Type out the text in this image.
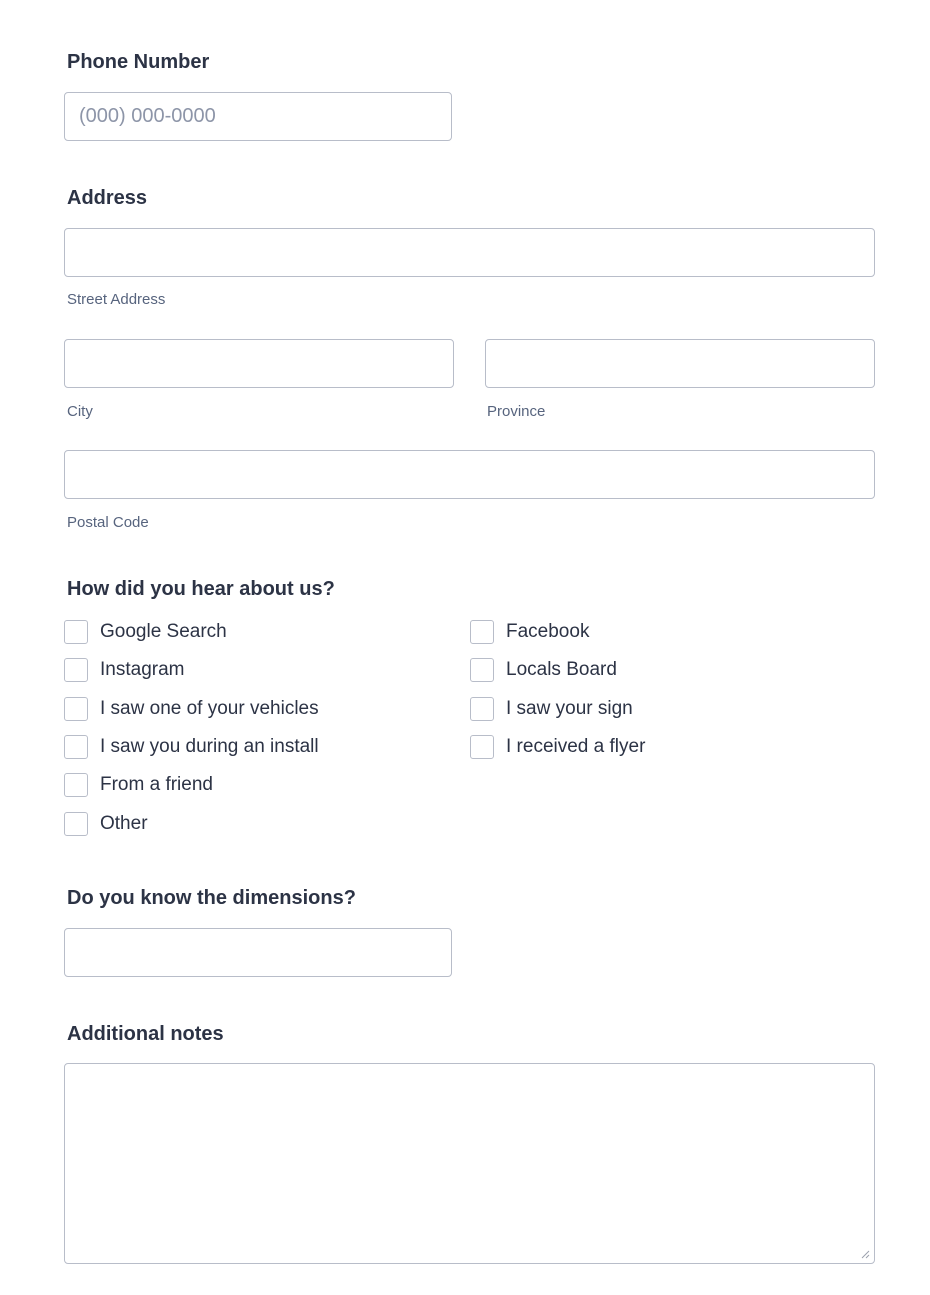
Phone Number
(000) 000-0000
Address
Street Address
City	Province
Postal Code
How did you hear about us?
Google Search	Facebook
Instagram	Locals Board
I saw one of your vehicles	I saw your sign
I saw you during an install	I received a flyer
From a friend
Other
Do you know the dimensions?
Additional notes
